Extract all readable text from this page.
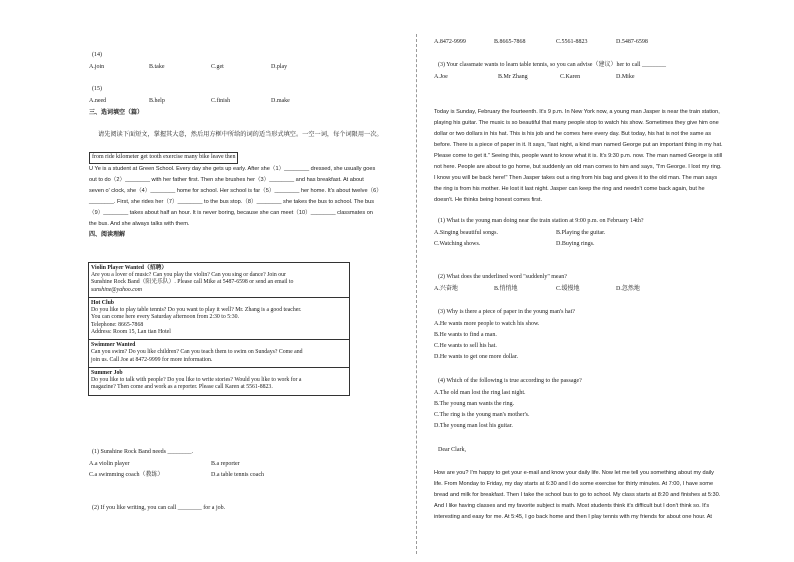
(14)
A.join	B.take	C.get	D.play
(15)
A.need	B.help	C.finish	D.make
三、选词填空（篇）
请先阅读下面短文，掌握其大意，然后用方框中所给的词的适当形式填空。一空一词，每个词限用一次。
from ride kilometer get tooth exercise many bike leave then

U Ye is a student at Green School. Every day she gets up early. After she（1）________ dressed, she usually goes

out to do（2）________ with her father first. Then she brushes her（3）________ and has breakfast. At about

seven o' clock, she（4）________ home for school. Her school is far（5）________ her home. It's about twelve（6）

________. First, she rides her（7）________ to the bus stop.（8）________ she takes the bus to school. The bus

（9）________ takes about half an hour. It is never boring, because she can meet（10）________ classmates on

the bus. And she always talks with them.

四、阅读理解

Violin Player Wanted（招聘）

Are you a lover of music? Can you play the violin? Can you sing or dance? Join our

Sunshine Rock Band（阳光乐队）. Please call Mike at 5487-6598 or send an email to

sunshine@yahoo.com

Hot Club

Do you like to play table tennis? Do you want to play it well? Mr. Zhang is a good teacher.

You can come here every Saturday afternoon from 2:30 to 5:30.

Telephone: 8665-7868

Address: Room 15, Lan tian Hotel

Swimmer Wanted

Can you swim? Do you like children? Can you teach them to swim on Sundays? Come and

join us. Call Joe at 8472-9999 for more information.

Summer Job

Do you like to talk with people? Do you like to write stories? Would you like to work for a

magazine? Then come and work as a reporter. Please call Karen at 5561-8823.

(1) Sunshine Rock Band needs ________.
A.a violin player	B.a reporter
C.a swimming coach（教练）	D.a table tennis coach
(2) If you like writing, you can call ________ for a job.
A.8472-9999	B.8665-7868	C.5561-8823	D.5487-6598
(3) Your classmate wants to learn table tennis, so you can advise（建议）her to call ________
A.Joe	B.Mr Zhang	C.Karen	D.Mike

Today is Sunday, February the fourteenth. It's 9 p.m. In New York now, a young man Jasper is near the train station,

playing his guitar. The music is so beautiful that many people stop to watch his show. Sometimes they give him one

dollar or two dollars in his hat. This is his job and he comes here every day. But today, his hat is not the same as

before. There is a piece of paper in it. It says, "last night, a kind man named George put an important thing in my hat.

Please come to get it." Seeing this, people want to know what it is. It's 9:30 p.m. now. The man named George is still

not here. People are about to go home, but suddenly an old man comes to him and says, "I'm George. I lost my ring.

I know you will be back here!" Then Jasper takes out a ring from his bag and gives it to the old man. The man says

the ring is from his mother. He lost it last night. Jasper can keep the ring and needn't come back again, but he

doesn't. He thinks being honest comes first.

(1) What is the young man doing near the train station at 9:00 p.m. on February 14th?
A.Singing beautiful songs.	B.Playing the guitar.
C.Watching shows.	D.Buying rings.
(2) What does the underlined word "suddenly" mean?
A.兴奋地	B.悄悄地	C.缓慢地	D.忽然地
(3) Why is there a piece of paper in the young man's hat?
A.He wants more people to watch his show.
B.He wants to find a man.
C.He wants to sell his hat.
D.He wants to get one more dollar.
(4) Which of the following is true according to the passage?
A.The old man lost the ring last night.
B.The young man wants the ring.
C.The ring is the young man's mother's.
D.The young man lost his guitar.
Dear Clark,

How are you? I'm happy to get your e-mail and know your daily life. Now let me tell you something about my daily

life. From Monday to Friday, my day starts at 6:30 and I do some exercise for thirty minutes. At 7:00, I have some

bread and milk for breakfast. Then I take the school bus to go to school. My class starts at 8:20 and finishes at 5:30.

And I like having classes and my favorite subject is math. Most students think it's difficult but I don't think so. It's

interesting and easy for me. At 5:45, I go back home and then I play tennis with my friends for about one hour. At
